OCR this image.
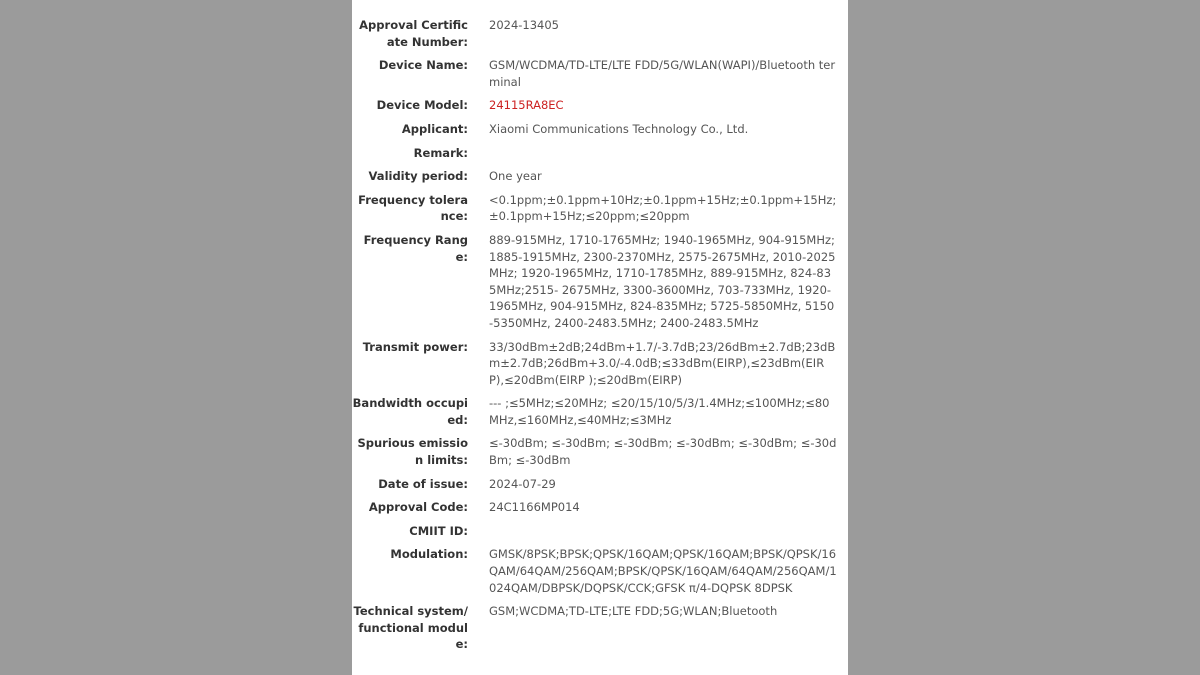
Approval Certificate Number:
2024-13405
Device Name: GSM/WCDMA/TD-LTE/LTE FDD/5G/WLAN(WAPI)/Bluetooth terminal
Device Model: 24115RA8EC
Applicant: Xiaomi Communications Technology Co., Ltd.
Remark:
Validity period: One year
Frequency tolerance:
<0.1ppm;±0.1ppm+10Hz;±0.1ppm+15Hz;±0.1ppm+15Hz;±0.1ppm+15Hz;≤20ppm;≤20ppm
Frequency Range:
889-915MHz, 1710-1765MHz; 1940-1965MHz, 904-915MHz; 1885-1915MHz, 2300-2370MHz, 2575-2675MHz, 2010-2025MHz; 1920-1965MHz, 1710-1785MHz, 889-915MHz, 824-835MHz;2515- 2675MHz, 3300-3600MHz, 703-733MHz, 1920-1965MHz, 904-915MHz, 824-835MHz; 5725-5850MHz, 5150-5350MHz, 2400-2483.5MHz; 2400-2483.5MHz
Transmit power: 33/30dBm±2dB;24dBm+1.7/-3.7dB;23/26dBm±2.7dB;23dBm±2.7dB;26dBm+3.0/-4.0dB;≤33dBm(EIRP),≤23dBm(EIRP),≤20dBm(EIRP );≤20dBm(EIRP)
Bandwidth occupied:
--- ;≤5MHz;≤20MHz; ≤20/15/10/5/3/1.4MHz;≤100MHz;≤80MHz,≤160MHz,≤40MHz;≤3MHz
Spurious emission limits:
≤-30dBm; ≤-30dBm; ≤-30dBm; ≤-30dBm; ≤-30dBm; ≤-30dBm; ≤-30dBm
Date of issue: 2024-07-29
Approval Code: 24C1166MP014
CMIIT ID:
Modulation: GMSK/8PSK;BPSK;QPSK/16QAM;QPSK/16QAM;BPSK/QPSK/16QAM/64QAM/256QAM;BPSK/QPSK/16QAM/64QAM/256QAM/1024QAM/DBPSK/DQPSK/CCK;GFSK π/4-DQPSK 8DPSK
Technical system/ functional module:
GSM;WCDMA;TD-LTE;LTE FDD;5G;WLAN;Bluetooth
